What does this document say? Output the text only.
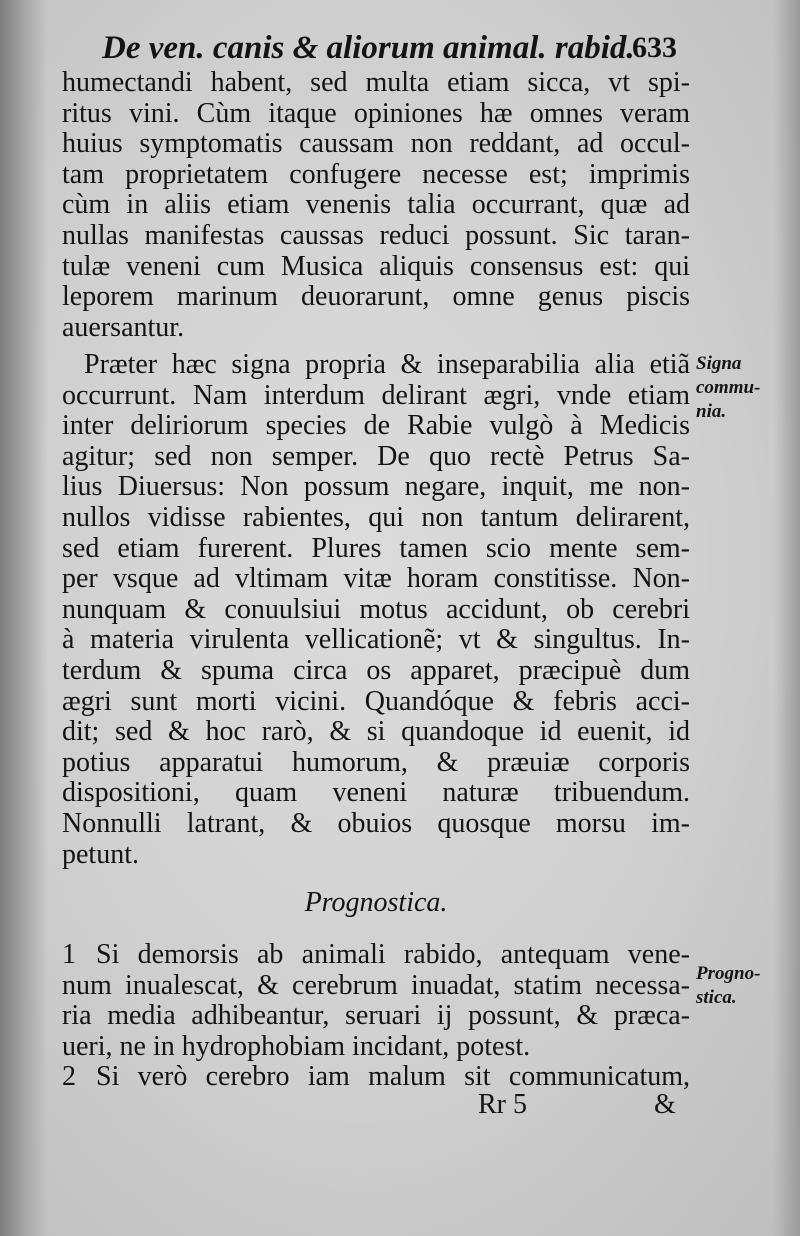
De ven. canis & aliorum animal. rabid.
633
humectandi habent, sed multa etiam sicca, vt spi-
ritus vini. Cùm itaque opiniones hæ omnes veram
huius symptomatis caussam non reddant, ad occul-
tam proprietatem confugere necesse est; imprimis
cùm in aliis etiam venenis talia occurrant, quæ ad
nullas manifestas caussas reduci possunt. Sic taran-
tulæ veneni cum Musica aliquis consensus est: qui
leporem marinum deuorarunt, omne genus piscis
auersantur.
Præter hæc signa propria & inseparabilia alia etiã
occurrunt. Nam interdum delirant ægri, vnde etiam
inter deliriorum species de Rabie vulgò à Medicis
agitur; sed non semper. De quo rectè Petrus Sa-
lius Diuersus: Non possum negare, inquit, me non-
nullos vidisse rabientes, qui non tantum delirarent,
sed etiam furerent. Plures tamen scio mente sem-
per vsque ad vltimam vitæ horam constitisse. Non-
nunquam & conuulsiui motus accidunt, ob cerebri
à materia virulenta vellicationẽ; vt & singultus. In-
terdum & spuma circa os apparet, præcipuè dum
ægri sunt morti vicini. Quandóque & febris acci-
dit; sed & hoc rarò, & si quandoque id euenit, id
potius apparatui humorum, & præuiæ corporis
dispositioni, quam veneni naturæ tribuendum.
Nonnulli latrant, & obuios quosque morsu im-
petunt.
Prognostica.
1 Si demorsis ab animali rabido, antequam vene-
num inualescat, & cerebrum inuadat, statim necessa-
ria media adhibeantur, seruari ij possunt, & præca-
ueri, ne in hydrophobiam incidant, potest.
2 Si verò cerebro iam malum sit communicatum,
Signa
commu-
nia.
Progno-
stica.
Rr 5	&
